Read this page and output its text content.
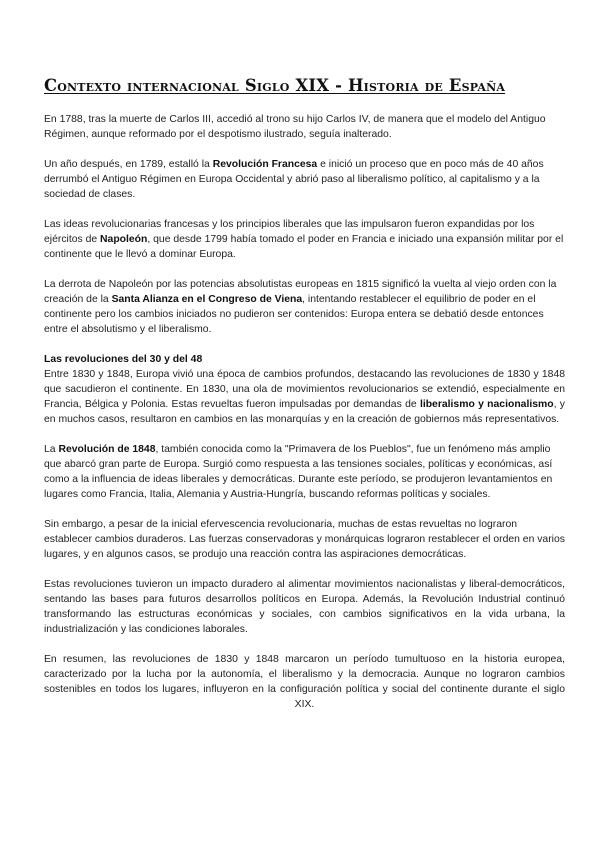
Contexto internacional Siglo XIX - Historia de España

En 1788, tras la muerte de Carlos III, accedió al trono su hijo Carlos IV, de manera que el modelo del Antiguo Régimen, aunque reformado por el despotismo ilustrado, seguía inalterado.

Un año después, en 1789, estalló la Revolución Francesa e inició un proceso que en poco más de 40 años derrumbó el Antiguo Régimen en Europa Occidental y abrió paso al liberalismo político, al capitalismo y a la sociedad de clases.

Las ideas revolucionarias francesas y los principios liberales que las impulsaron fueron expandidas por los ejércitos de Napoleón, que desde 1799 había tomado el poder en Francia e iniciado una expansión militar por el continente que le llevó a dominar Europa.

La derrota de Napoleón por las potencias absolutistas europeas en 1815 significó la vuelta al viejo orden con la creación de la Santa Alianza en el Congreso de Viena, intentando restablecer el equilibrio de poder en el continente pero los cambios iniciados no pudieron ser contenidos: Europa entera se debatió desde entonces entre el absolutismo y el liberalismo.

Las revoluciones del 30 y del 48

Entre 1830 y 1848, Europa vivió una época de cambios profundos, destacando las revoluciones de 1830 y 1848 que sacudieron el continente. En 1830, una ola de movimientos revolucionarios se extendió, especialmente en Francia, Bélgica y Polonia. Estas revueltas fueron impulsadas por demandas de liberalismo y nacionalismo, y en muchos casos, resultaron en cambios en las monarquías y en la creación de gobiernos más representativos.

La Revolución de 1848, también conocida como la "Primavera de los Pueblos", fue un fenómeno más amplio que abarcó gran parte de Europa. Surgió como respuesta a las tensiones sociales, políticas y económicas, así como a la influencia de ideas liberales y democráticas. Durante este período, se produjeron levantamientos en lugares como Francia, Italia, Alemania y Austria-Hungría, buscando reformas políticas y sociales.

Sin embargo, a pesar de la inicial efervescencia revolucionaria, muchas de estas revueltas no lograron establecer cambios duraderos. Las fuerzas conservadoras y monárquicas lograron restablecer el orden en varios lugares, y en algunos casos, se produjo una reacción contra las aspiraciones democráticas.

Estas revoluciones tuvieron un impacto duradero al alimentar movimientos nacionalistas y liberal-democráticos, sentando las bases para futuros desarrollos políticos en Europa. Además, la Revolución Industrial continuó transformando las estructuras económicas y sociales, con cambios significativos en la vida urbana, la industrialización y las condiciones laborales.

En resumen, las revoluciones de 1830 y 1848 marcaron un período tumultuoso en la historia europea, caracterizado por la lucha por la autonomía, el liberalismo y la democracia. Aunque no lograron cambios sostenibles en todos los lugares, influyeron en la configuración política y social del continente durante el siglo XIX.
